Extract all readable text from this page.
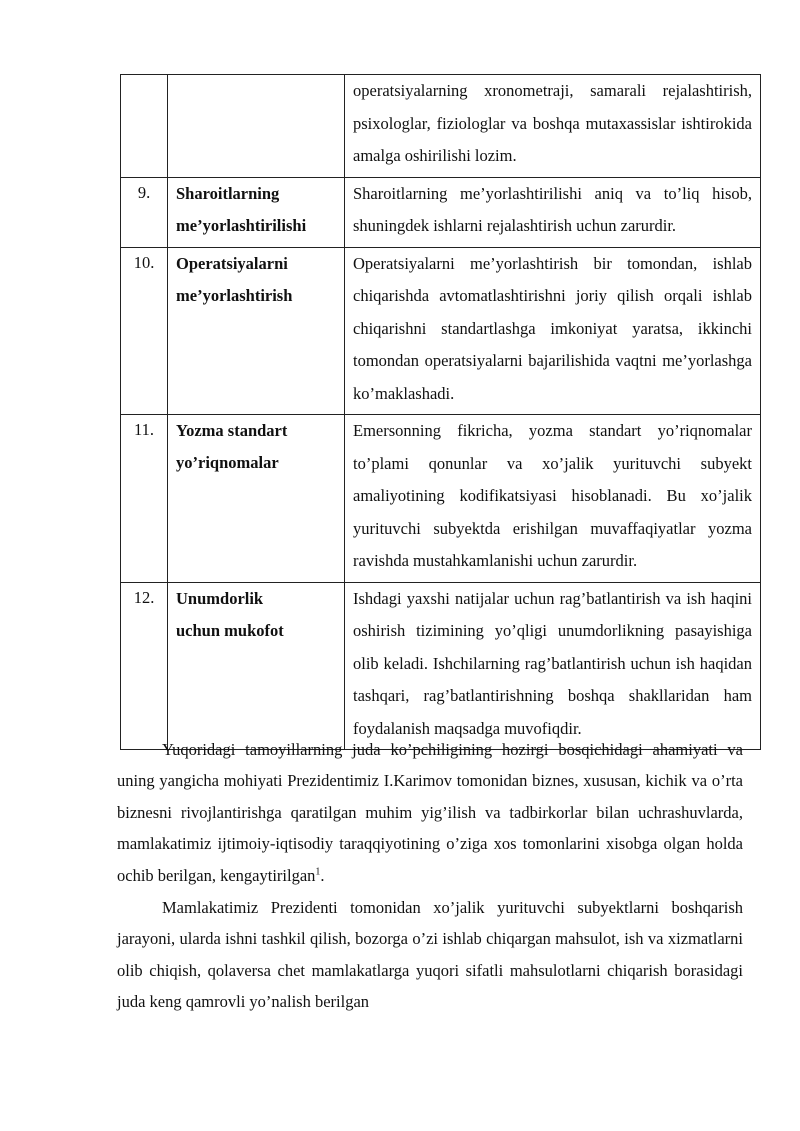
		operatsiyalarning xronometraji, samarali rejalashtirish, psixologlar, fiziologlar va boshqa mutaxassislar ishtirokida amalga oshirilishi lozim.

9.	Sharoitlarning
me’yorlashtirilishi	Sharoitlarning me’yorlashtirilishi aniq va to’liq hisob, shuningdek ishlarni rejalashtirish uchun zarurdir.

10.	Operatsiyalarni
me’yorlashtirish	Operatsiyalarni me’yorlashtirish bir tomondan, ishlab chiqarishda avtomatlashtirishni joriy qilish orqali ishlab chiqarishni standartlashga imkoniyat yaratsa, ikkinchi tomondan operatsiyalarni bajarilishida vaqtni me’yorlashga ko’maklashadi.

11.	Yozma standart
yo’riqnomalar	Emersonning fikricha, yozma standart yo’riqnomalar to’plami qonunlar va xo’jalik yurituvchi subyekt amaliyotining kodifikatsiyasi hisoblanadi. Bu xo’jalik yurituvchi subyektda erishilgan muvaffaqiyatlar yozma ravishda mustahkamlanishi uchun zarurdir.

12.	Unumdorlik
uchun mukofot	Ishdagi yaxshi natijalar uchun rag’batlantirish va ish haqini oshirish tizimining yo’qligi unumdorlikning pasayishiga olib keladi. Ishchilarning rag’batlantirish uchun ish haqidan tashqari, rag’batlantirishning boshqa shakllaridan ham foydalanish maqsadga muvofiqdir.

Yuqoridagi tamoyillarning juda ko’pchiligining hozirgi bosqichidagi ahamiyati va uning yangicha mohiyati Prezidentimiz I.Karimov tomonidan biznes, xususan, kichik va o’rta biznesni rivojlantirishga qaratilgan muhim yig’ilish va tadbirkorlar bilan uchrashuvlarda, mamlakatimiz ijtimoiy-iqtisodiy taraqqiyotining o’ziga xos tomonlarini xisobga olgan holda ochib berilgan, kengaytirilgan$^1$.

Mamlakatimiz Prezidenti tomonidan xo’jalik yurituvchi subyektlarni boshqarish jarayoni, ularda ishni tashkil qilish, bozorga o’zi ishlab chiqargan mahsulot, ish va xizmatlarni olib chiqish, qolaversa chet mamlakatlarga yuqori sifatli mahsulotlarni chiqarish borasidagi juda keng qamrovli yo’nalish berilgan
